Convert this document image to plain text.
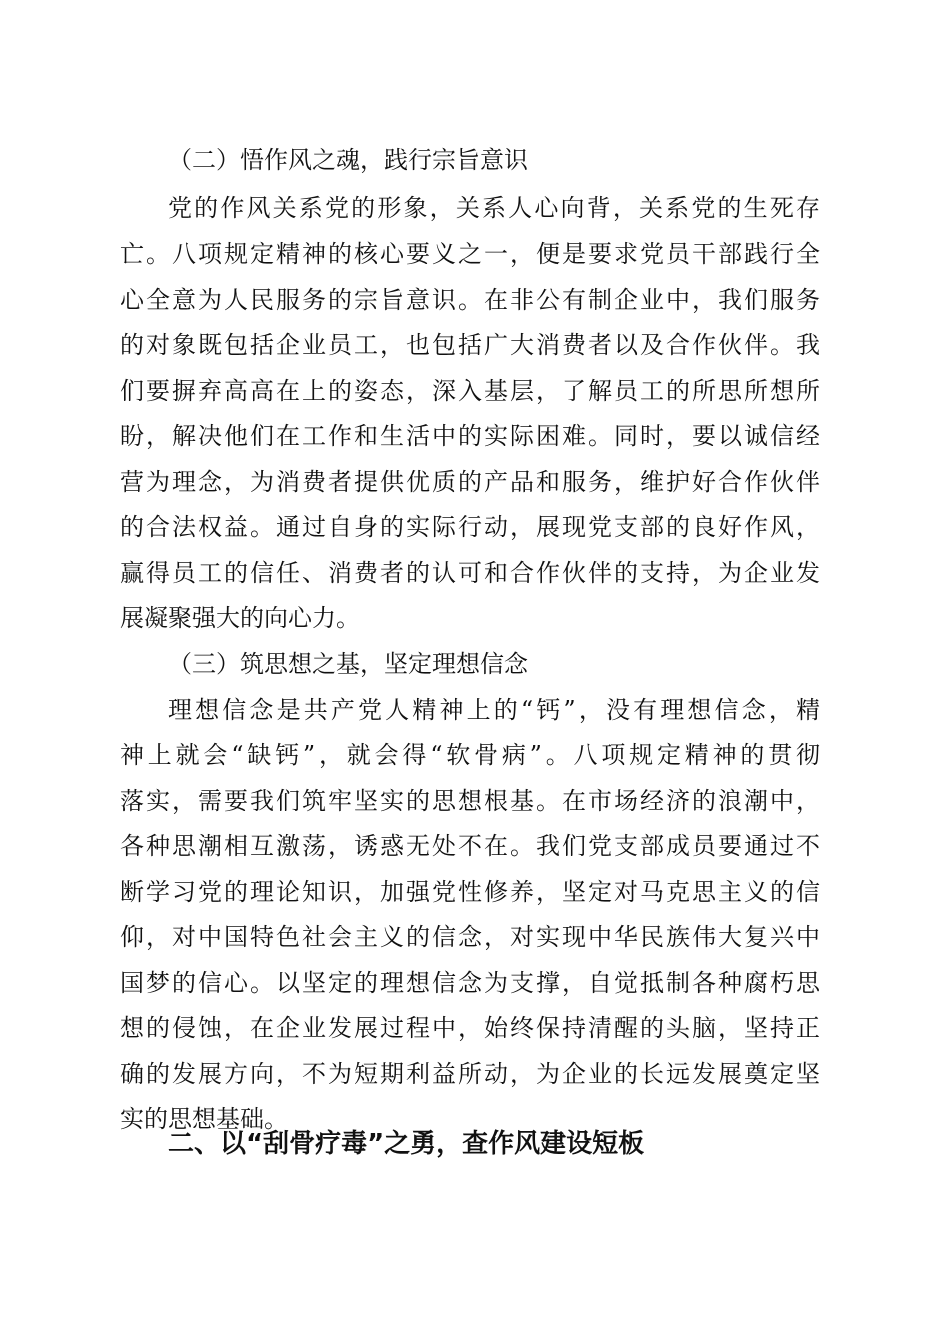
（二）悟作风之魂，践行宗旨意识
党的作风关系党的形象，关系人心向背，关系党的生死存
亡。八项规定精神的核心要义之一，便是要求党员干部践行全
心全意为人民服务的宗旨意识。在非公有制企业中，我们服务
的对象既包括企业员工，也包括广大消费者以及合作伙伴。我
们要摒弃高高在上的姿态，深入基层，了解员工的所思所想所
盼，解决他们在工作和生活中的实际困难。同时，要以诚信经
营为理念，为消费者提供优质的产品和服务，维护好合作伙伴
的合法权益。通过自身的实际行动，展现党支部的良好作风，
赢得员工的信任、消费者的认可和合作伙伴的支持，为企业发
展凝聚强大的向心力。
（三）筑思想之基，坚定理想信念
理想信念是共产党人精神上的“钙”，没有理想信念，精
神上就会“缺钙”，就会得“软骨病”。八项规定精神的贯彻
落实，需要我们筑牢坚实的思想根基。在市场经济的浪潮中，
各种思潮相互激荡，诱惑无处不在。我们党支部成员要通过不
断学习党的理论知识，加强党性修养，坚定对马克思主义的信
仰，对中国特色社会主义的信念，对实现中华民族伟大复兴中
国梦的信心。以坚定的理想信念为支撑，自觉抵制各种腐朽思
想的侵蚀，在企业发展过程中，始终保持清醒的头脑，坚持正
确的发展方向，不为短期利益所动，为企业的长远发展奠定坚
实的思想基础。
二、以“刮骨疗毒”之勇，查作风建设短板
